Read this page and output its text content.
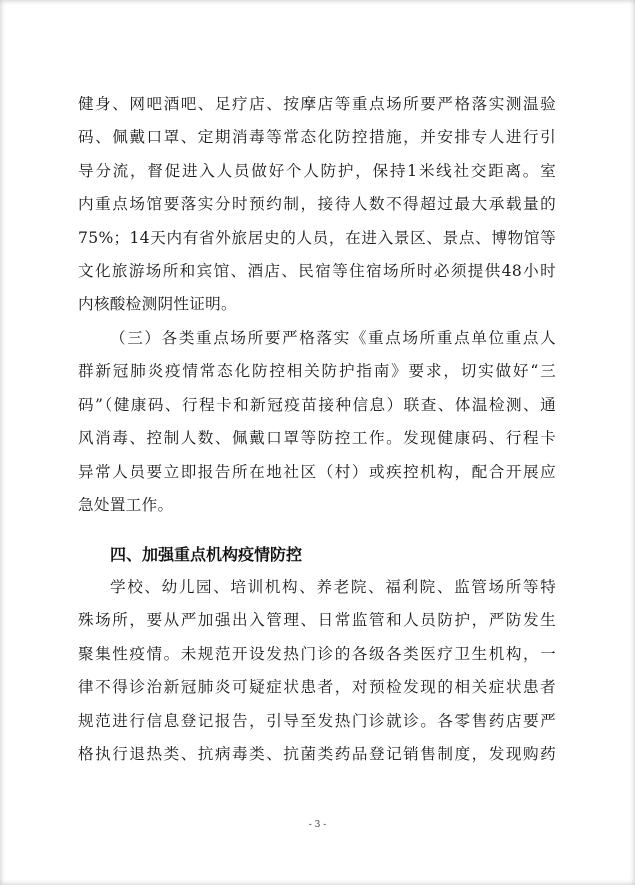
健身、网吧酒吧、足疗店、按摩店等重点场所要严格落实测温验
码、佩戴口罩、定期消毒等常态化防控措施，并安排专人进行引
导分流，督促进入人员做好个人防护，保持1米线社交距离。室
内重点场馆要落实分时预约制，接待人数不得超过最大承载量的
75%；14天内有省外旅居史的人员，在进入景区、景点、博物馆等
文化旅游场所和宾馆、酒店、民宿等住宿场所时必须提供48小时
内核酸检测阴性证明。
（三）各类重点场所要严格落实《重点场所重点单位重点人
群新冠肺炎疫情常态化防控相关防护指南》要求，切实做好“三
码”（健康码、行程卡和新冠疫苗接种信息）联查、体温检测、通
风消毒、控制人数、佩戴口罩等防控工作。发现健康码、行程卡
异常人员要立即报告所在地社区（村）或疾控机构，配合开展应
急处置工作。
四、加强重点机构疫情防控
学校、幼儿园、培训机构、养老院、福利院、监管场所等特
殊场所，要从严加强出入管理、日常监管和人员防护，严防发生
聚集性疫情。未规范开设发热门诊的各级各类医疗卫生机构，一
律不得诊治新冠肺炎可疑症状患者，对预检发现的相关症状患者
规范进行信息登记报告，引导至发热门诊就诊。各零售药店要严
格执行退热类、抗病毒类、抗菌类药品登记销售制度，发现购药
- 3 -
